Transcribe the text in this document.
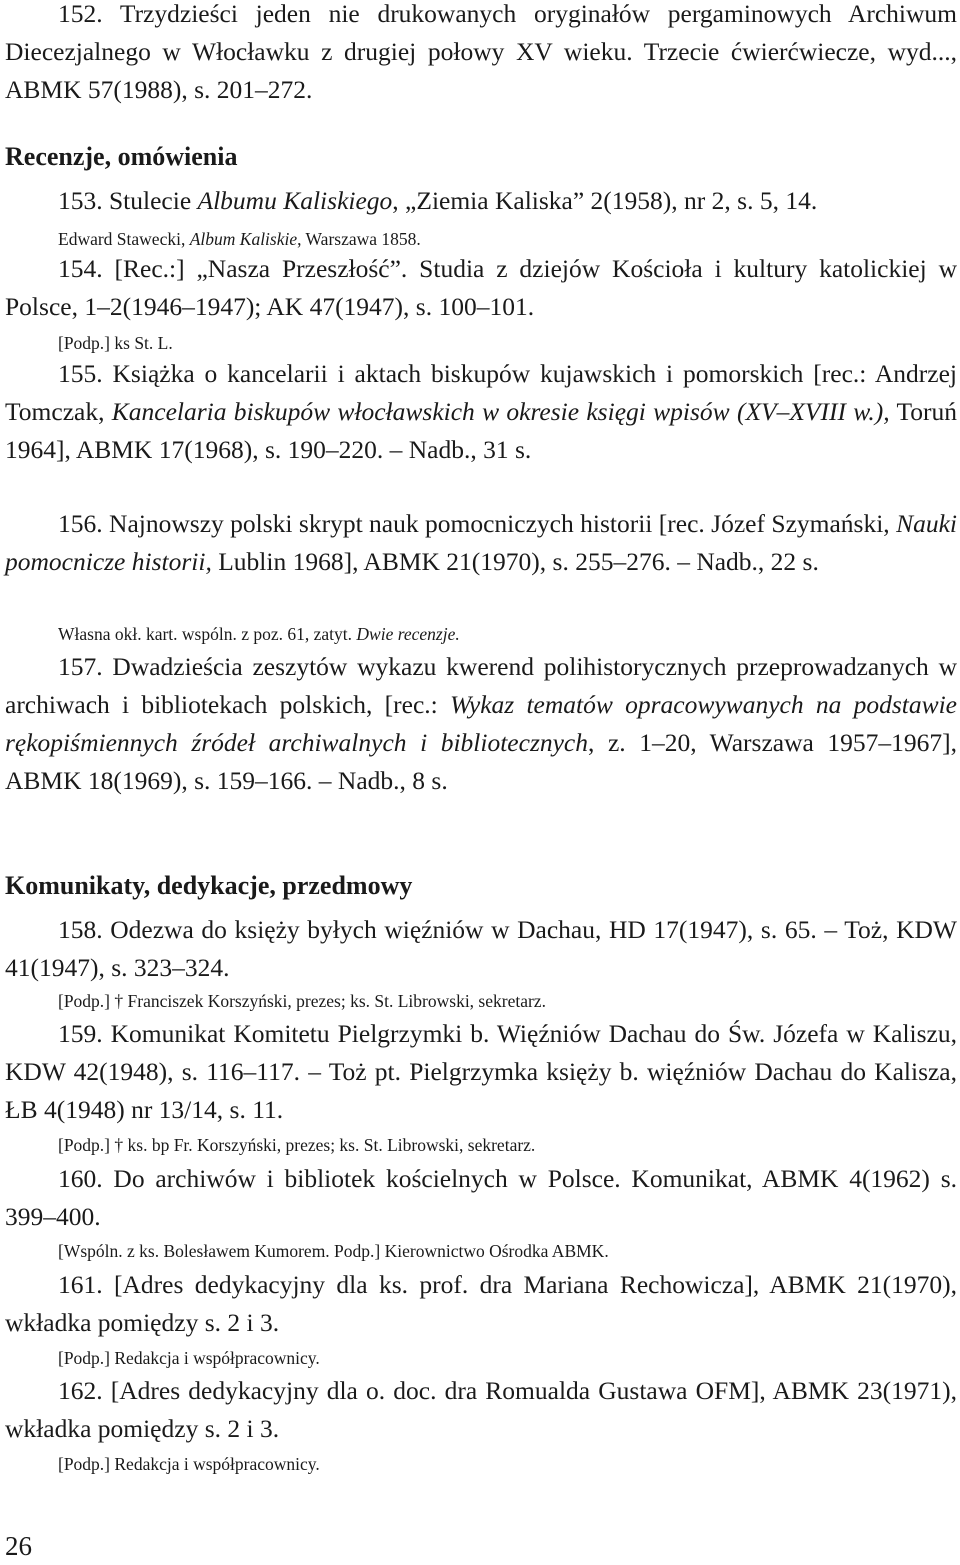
152. Trzydzieści jeden nie drukowanych oryginałów pergaminowych Archiwum Diecezjalnego w Włocławku z drugiej połowy XV wieku. Trzecie ćwierćwiecze, wyd..., ABMK 57(1988), s. 201–272.

Recenzje, omówienia

153. Stulecie Albumu Kaliskiego, „Ziemia Kaliska” 2(1958), nr 2, s. 5, 14.

Edward Stawecki, Album Kaliskie, Warszawa 1858.

154. [Rec.:] „Nasza Przeszłość”. Studia z dziejów Kościoła i kultury katolickiej w Polsce, 1–2(1946–1947); AK 47(1947), s. 100–101.

[Podp.] ks St. L.

155. Książka o kancelarii i aktach biskupów kujawskich i pomorskich [rec.: Andrzej Tomczak, Kancelaria biskupów włocławskich w okresie księgi wpisów (XV–XVIII w.), Toruń 1964], ABMK 17(1968), s. 190–220. – Nadb., 31 s.

156. Najnowszy polski skrypt nauk pomocniczych historii [rec. Józef Szymański, Nauki pomocnicze historii, Lublin 1968], ABMK 21(1970), s. 255–276. – Nadb., 22 s.

Własna okł. kart. wspóln. z poz. 61, zatyt. Dwie recenzje.

157. Dwadzieścia zeszytów wykazu kwerend polihistorycznych przeprowadzanych w archiwach i bibliotekach polskich, [rec.: Wykaz tematów opracowywanych na podstawie rękopiśmiennych źródeł archiwalnych i bibliotecznych, z. 1–20, Warszawa 1957–1967], ABMK 18(1969), s. 159–166. – Nadb., 8 s.

Komunikaty, dedykacje, przedmowy

158. Odezwa do księży byłych więźniów w Dachau, HD 17(1947), s. 65. – Toż, KDW 41(1947), s. 323–324.

[Podp.] † Franciszek Korszyński, prezes; ks. St. Librowski, sekretarz.

159. Komunikat Komitetu Pielgrzymki b. Więźniów Dachau do Św. Józefa w Kaliszu, KDW 42(1948), s. 116–117. – Toż pt. Pielgrzymka księży b. więźniów Dachau do Kalisza, ŁB 4(1948) nr 13/14, s. 11.

[Podp.] † ks. bp Fr. Korszyński, prezes; ks. St. Librowski, sekretarz.

160. Do archiwów i bibliotek kościelnych w Polsce. Komunikat, ABMK 4(1962) s. 399–400.

[Wspóln. z ks. Bolesławem Kumorem. Podp.] Kierownictwo Ośrodka ABMK.

161. [Adres dedykacyjny dla ks. prof. dra Mariana Rechowicza], ABMK 21(1970), wkładka pomiędzy s. 2 i 3.

[Podp.] Redakcja i współpracownicy.

162. [Adres dedykacyjny dla o. doc. dra Romualda Gustawa OFM], ABMK 23(1971), wkładka pomiędzy s. 2 i 3.

[Podp.] Redakcja i współpracownicy.

26
